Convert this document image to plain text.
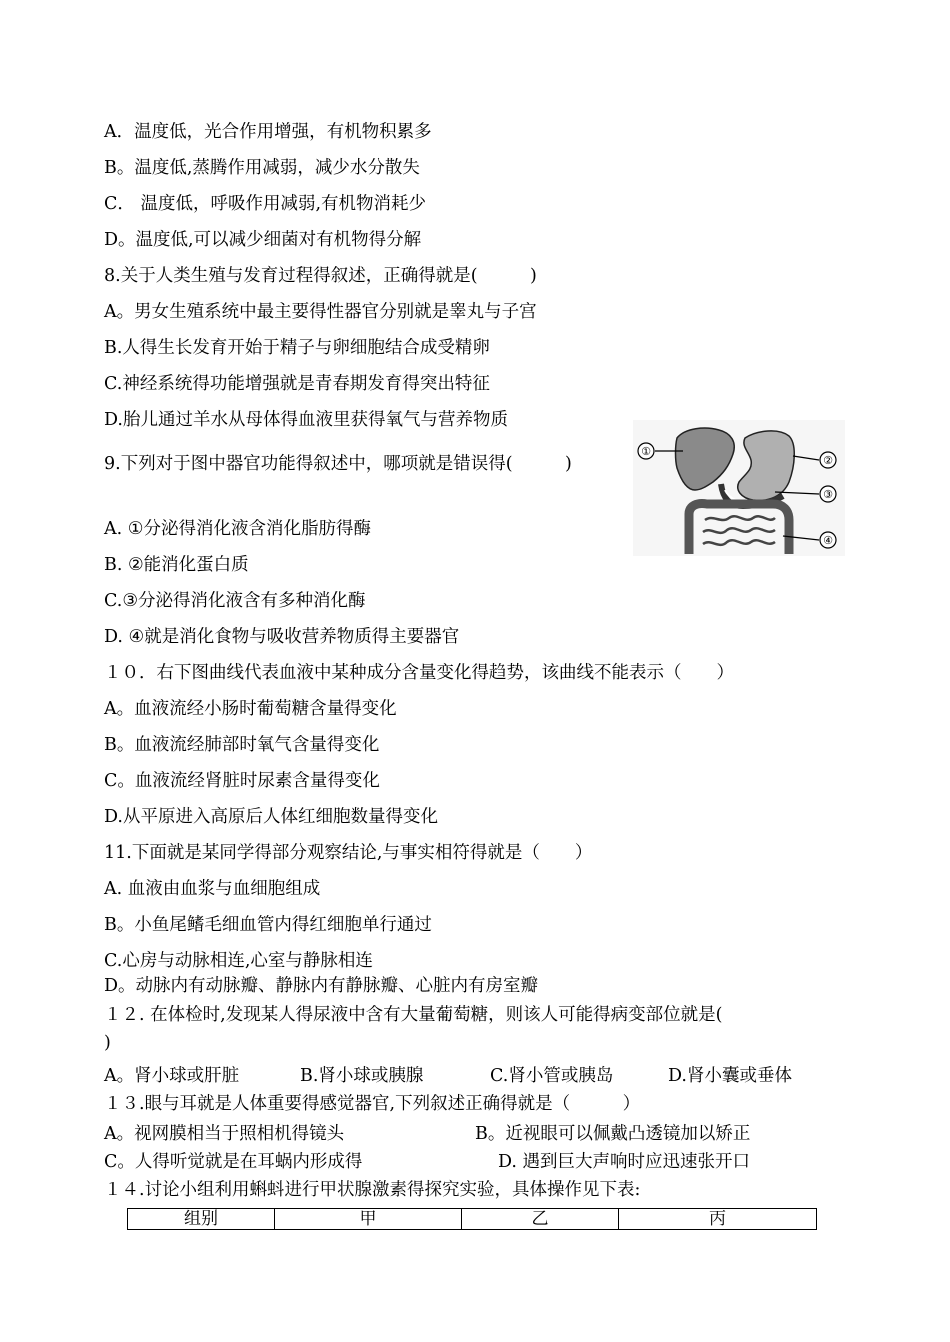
A．温度低，光合作用增强，有机物积累多
B。温度低,蒸腾作用减弱，减少水分散失
C． 温度低，呼吸作用减弱,有机物消耗少
D。温度低,可以减少细菌对有机物得分解
8.关于人类生殖与发育过程得叙述，正确得就是(　　　)
A。男女生殖系统中最主要得性器官分别就是睾丸与子宫
B.人得生长发育开始于精子与卵细胞结合成受精卵
C.神经系统得功能增强就是青春期发育得突出特征
D.胎儿通过羊水从母体得血液里获得氧气与营养物质
9.下列对于图中器官功能得叙述中，哪项就是错误得(　　　)
A. ①分泌得消化液含消化脂肪得酶
B. ②能消化蛋白质
C.③分泌得消化液含有多种消化酶
D. ④就是消化食物与吸收营养物质得主要器官
１０．右下图曲线代表血液中某种成分含量变化得趋势，该曲线不能表示（　　）
A。血液流经小肠时葡萄糖含量得变化
B。血液流经肺部时氧气含量得变化
C。血液流经肾脏时尿素含量得变化
D.从平原进入高原后人体红细胞数量得变化
11.下面就是某同学得部分观察结论,与事实相符得就是（　　）
A. 血液由血浆与血细胞组成
B。小鱼尾鳍毛细血管内得红细胞单行通过
C.心房与动脉相连,心室与静脉相连
D。动脉内有动脉瓣、静脉内有静脉瓣、心脏内有房室瓣
１２. 在体检时,发现某人得尿液中含有大量葡萄糖，则该人可能得病变部位就是(
)
A。肾小球或肝脏	B.肾小球或胰腺	C.肾小管或胰岛	D.肾小囊或垂体
１３.眼与耳就是人体重要得感觉器官,下列叙述正确得就是（　　　）
A。视网膜相当于照相机得镜头	B。近视眼可以佩戴凸透镜加以矫正
C。人得听觉就是在耳蜗内形成得	D. 遇到巨大声响时应迅速张开口
１４.讨论小组利用蝌蚪进行甲状腺激素得探究实验，具体操作见下表:
组别	甲	乙	丙
①
②
③
④
